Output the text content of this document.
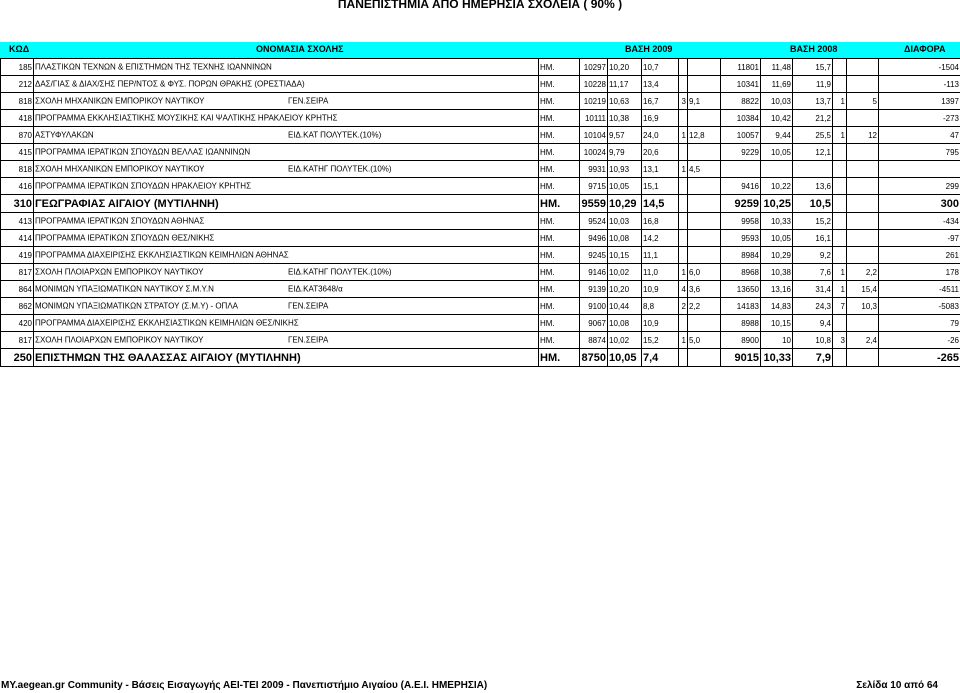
ΠΑΝΕΠΙΣΤΗΜΙΑ ΑΠΟ ΗΜΕΡΗΣΙΑ ΣΧΟΛΕΙΑ ( 90% )
ΚΩΔ	ΟΝΟΜΑΣΙΑ ΣΧΟΛΗΣ	ΒΑΣΗ 2009	ΒΑΣΗ 2008	ΔΙΑΦΟΡΑ
185	ΠΛΑΣΤΙΚΩΝ ΤΕΧΝΩΝ & ΕΠΙΣΤΗΜΩΝ ΤΗΣ ΤΕΧΝΗΣ ΙΩΑΝΝΙΝΩΝ	ΗΜ.	10297	10,20	10,7			11801	11,48	15,7			-1504
212	ΔΑΣ/ΓΙΑΣ & ΔΙΑΧ/ΣΗΣ ΠΕΡ/ΝΤΟΣ & ΦΥΣ. ΠΟΡΩΝ ΘΡΑΚΗΣ (ΟΡΕΣΤΙΑΔΑ)	ΗΜ.	10228	11,17	13,4			10341	11,69	11,9			-113
818	ΣΧΟΛΗ ΜΗΧΑΝΙΚΩΝ ΕΜΠΟΡΙΚΟΥ ΝΑΥΤΙΚΟΥ ΓΕΝ.ΣΕΙΡΑ	ΗΜ.	10219	10,63	16,7	3	9,1	8822	10,03	13,7	1	5	1397
418	ΠΡΟΓΡΑΜΜΑ ΕΚΚΛΗΣΙΑΣΤΙΚΗΣ ΜΟΥΣΙΚΗΣ ΚΑΙ ΨΑΛΤΙΚΗΣ ΗΡΑΚΛΕΙΟΥ ΚΡΗΤΗΣ	ΗΜ.	10111	10,38	16,9			10384	10,42	21,2			-273
870	ΑΣΤΥΦΥΛΑΚΩΝ ΕΙΔ.ΚΑΤ ΠΟΛΥΤΕΚ.(10%)	ΗΜ.	10104	9,57	24,0	1	12,8	10057	9,44	25,5	1	12	47
415	ΠΡΟΓΡΑΜΜΑ ΙΕΡΑΤΙΚΩΝ ΣΠΟΥΔΩΝ ΒΕΛΛΑΣ ΙΩΑΝΝΙΝΩΝ	ΗΜ.	10024	9,79	20,6			9229	10,05	12,1			795
818	ΣΧΟΛΗ ΜΗΧΑΝΙΚΩΝ ΕΜΠΟΡΙΚΟΥ ΝΑΥΤΙΚΟΥ ΕΙΔ.ΚΑΤΗΓ ΠΟΛΥΤΕΚ.(10%)	ΗΜ.	9931	10,93	13,1	1	4,5						
416	ΠΡΟΓΡΑΜΜΑ ΙΕΡΑΤΙΚΩΝ ΣΠΟΥΔΩΝ ΗΡΑΚΛΕΙΟΥ ΚΡΗΤΗΣ	ΗΜ.	9715	10,05	15,1			9416	10,22	13,6			299
310	ΓΕΩΓΡΑΦΙΑΣ ΑΙΓΑΙΟΥ (ΜΥΤΙΛΗΝΗ)	ΗΜ.	9559	10,29	14,5			9259	10,25	10,5			300
413	ΠΡΟΓΡΑΜΜΑ ΙΕΡΑΤΙΚΩΝ ΣΠΟΥΔΩΝ ΑΘΗΝΑΣ	ΗΜ.	9524	10,03	16,8			9958	10,33	15,2			-434
414	ΠΡΟΓΡΑΜΜΑ ΙΕΡΑΤΙΚΩΝ ΣΠΟΥΔΩΝ ΘΕΣ/ΝΙΚΗΣ	ΗΜ.	9496	10,08	14,2			9593	10,05	16,1			-97
419	ΠΡΟΓΡΑΜΜΑ ΔΙΑΧΕΙΡΙΣΗΣ ΕΚΚΛΗΣΙΑΣΤΙΚΩΝ ΚΕΙΜΗΛΙΩΝ ΑΘΗΝΑΣ	ΗΜ.	9245	10,15	11,1			8984	10,29	9,2			261
817	ΣΧΟΛΗ ΠΛΟΙΑΡΧΩΝ ΕΜΠΟΡΙΚΟΥ ΝΑΥΤΙΚΟΥ ΕΙΔ.ΚΑΤΗΓ ΠΟΛΥΤΕΚ.(10%)	ΗΜ.	9146	10,02	11,0	1	6,0	8968	10,38	7,6	1	2,2	178
864	ΜΟΝΙΜΩΝ ΥΠΑΞΙΩΜΑΤΙΚΩΝ ΝΑΥΤΙΚΟΥ Σ.Μ.Υ.Ν ΕΙΔ.ΚΑΤ3648/α	ΗΜ.	9139	10,20	10,9	4	3,6	13650	13,16	31,4	1	15,4	-4511
862	ΜΟΝΙΜΩΝ ΥΠΑΞΙΩΜΑΤΙΚΩΝ ΣΤΡΑΤΟΥ (Σ.Μ.Υ) - ΟΠΛΑ ΓΕΝ.ΣΕΙΡΑ	ΗΜ.	9100	10,44	8,8	2	2,2	14183	14,83	24,3	7	10,3	-5083
420	ΠΡΟΓΡΑΜΜΑ ΔΙΑΧΕΙΡΙΣΗΣ ΕΚΚΛΗΣΙΑΣΤΙΚΩΝ ΚΕΙΜΗΛΙΩΝ ΘΕΣ/ΝΙΚΗΣ	ΗΜ.	9067	10,08	10,9			8988	10,15	9,4			79
817	ΣΧΟΛΗ ΠΛΟΙΑΡΧΩΝ ΕΜΠΟΡΙΚΟΥ ΝΑΥΤΙΚΟΥ ΓΕΝ.ΣΕΙΡΑ	ΗΜ.	8874	10,02	15,2	1	5,0	8900	10	10,8	3	2,4	-26
250	ΕΠΙΣΤΗΜΩΝ ΤΗΣ ΘΑΛΑΣΣΑΣ ΑΙΓΑΙΟΥ (ΜΥΤΙΛΗΝΗ)	ΗΜ.	8750	10,05	7,4			9015	10,33	7,9			-265
MY.aegean.gr Community - Βάσεις Εισαγωγής ΑΕΙ-ΤΕΙ 2009 - Πανεπιστήμιο Αιγαίου (Α.Ε.Ι. ΗΜΕΡΗΣΙΑ)	Σελίδα 10 από 64
